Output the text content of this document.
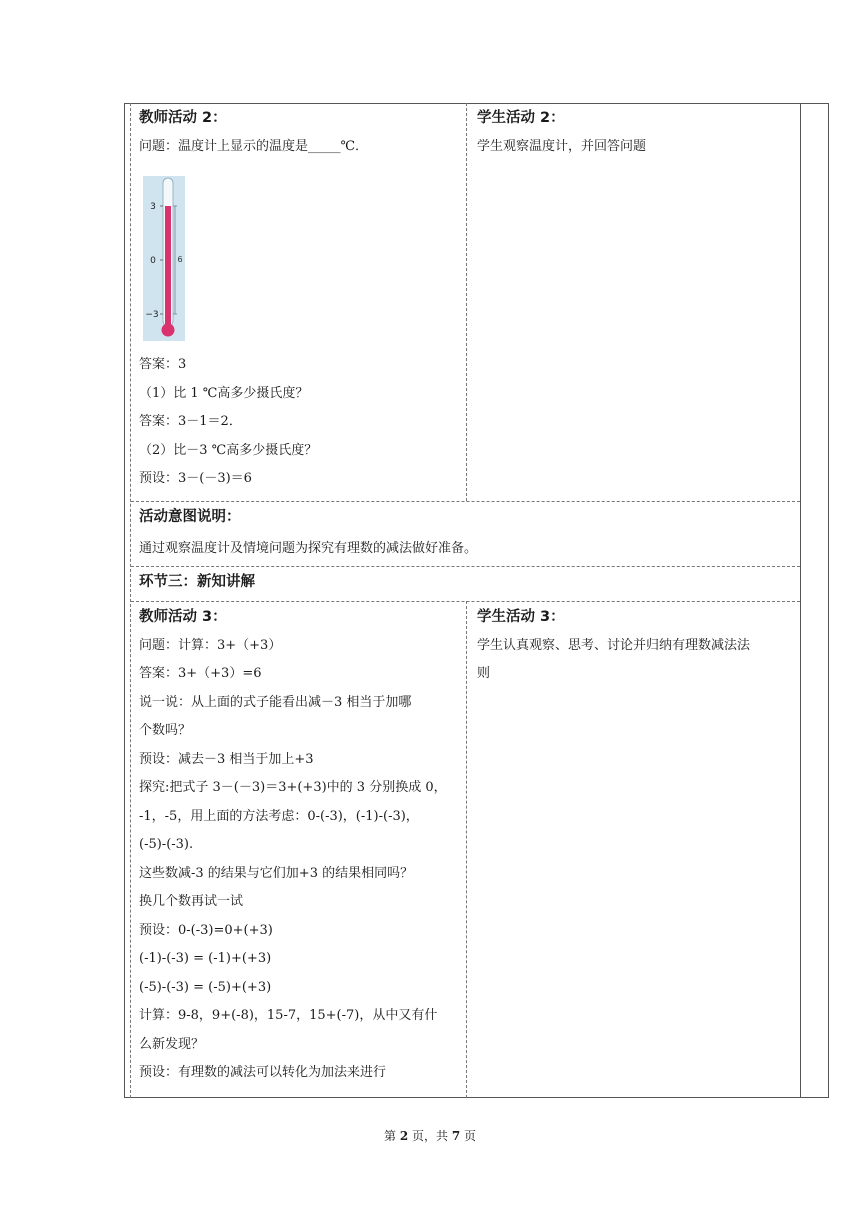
教师活动 2：
问题：温度计上显示的温度是_____℃．
3
0
−3
6
答案：3
（1）比 1 ℃高多少摄氏度？
答案：3－1＝2．
（2）比－3 ℃高多少摄氏度？
预设：3－(－3)＝6
学生活动 2：
学生观察温度计，并回答问题
活动意图说明：
通过观察温度计及情境问题为探究有理数的减法做好准备。
环节三：新知讲解
教师活动 3：
问题：计算：3+（+3）
答案：3+（+3）=6
说一说：从上面的式子能看出减－3 相当于加哪
个数吗？
预设：减去－3 相当于加上+3
探究:把式子 3－(－3)＝3+(+3)中的 3 分别换成 0，
-1，-5，用上面的方法考虑：0-(-3)，(-1)-(-3)，
(-5)-(-3).
这些数减-3 的结果与它们加+3 的结果相同吗？
换几个数再试一试
预设：0-(-3)=0+(+3)
(-1)-(-3) = (-1)+(+3)
(-5)-(-3) = (-5)+(+3)
计算：9-8，9+(-8)，15-7，15+(-7)，从中又有什
么新发现？
预设：有理数的减法可以转化为加法来进行
学生活动 3：
学生认真观察、思考、讨论并归纳有理数减法法
则
第 2 页，共 7 页
